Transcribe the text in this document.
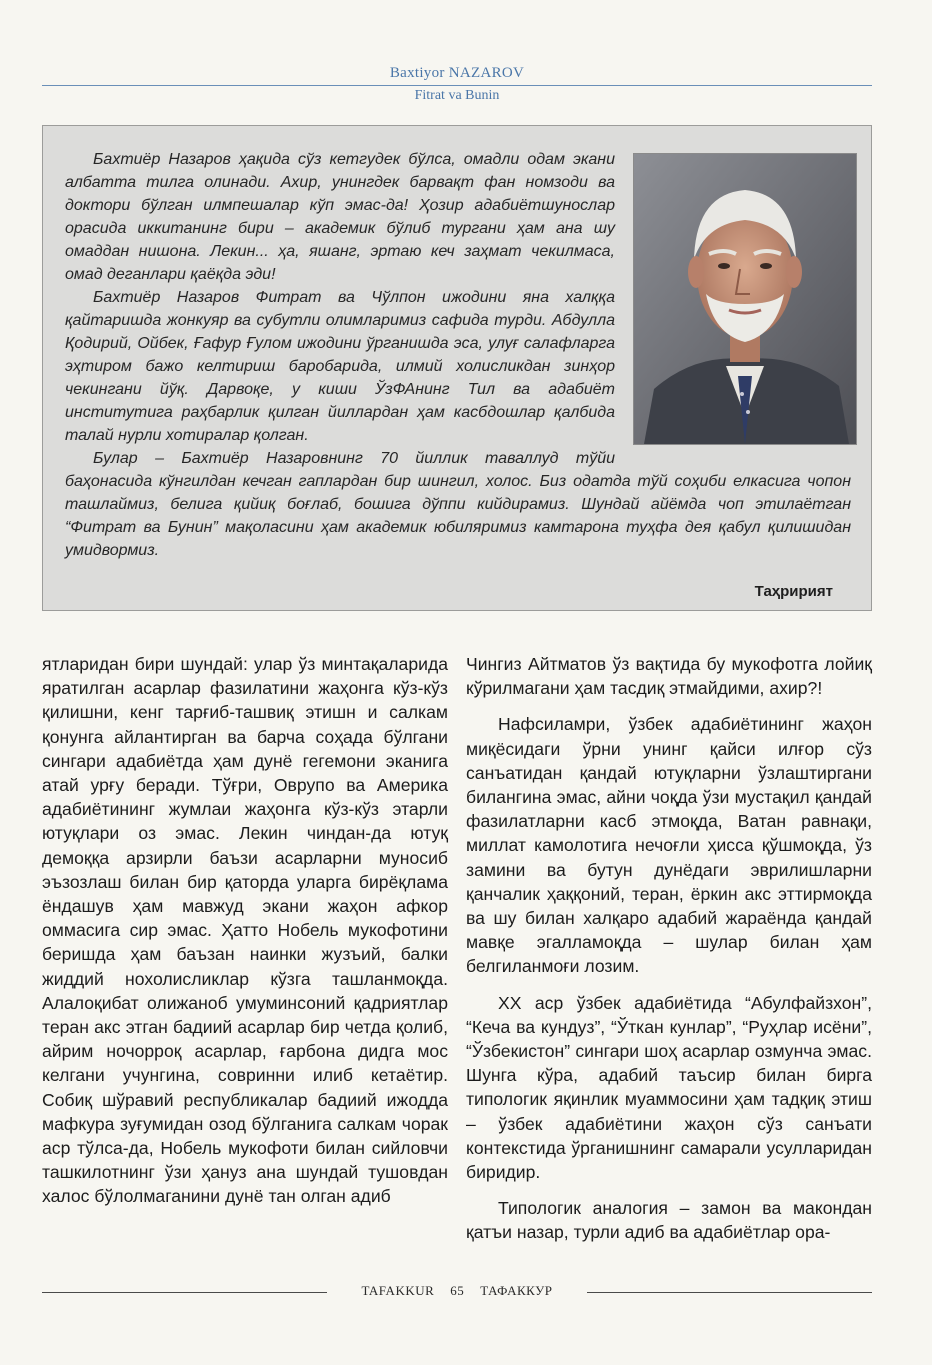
Baxtiyor NAZAROV
Fitrat va Bunin

Бахтиёр Назаров ҳақида сўз кетгудек бўлса, омадли одам экани албатта тилга олинади. Ахир, унингдек барвақт фан номзоди ва доктори бўлган илмпешалар кўп эмас-да! Ҳозир адабиётшунослар орасида иккитанинг бири – академик бўлиб тургани ҳам ана шу омаддан нишона. Лекин... ҳа, яшанг, эртаю кеч заҳмат чекилмаса, омад деганлари қаёқда эди!

Бахтиёр Назаров Фитрат ва Чўлпон ижодини яна халққа қайтаришда жонкуяр ва субутли олимларимиз сафида турди. Абдулла Қодирий, Ойбек, Ғафур Ғулом ижодини ўрганишда эса, улуғ салафларга эҳтиром бажо келтириш баробарида, илмий холисликдан зинҳор чекингани йўқ. Дарвоқе, у киши ЎзФАнинг Тил ва адабиёт институтига раҳбарлик қилган йиллардан ҳам касбдошлар қалбида талай нурли хотиралар қолган.

Булар – Бахтиёр Назаровнинг 70 йиллик таваллуд тўйи баҳонасида кўнгилдан кечган гаплардан бир шингил, холос. Биз одатда тўй соҳиби елкасига чопон ташлаймиз, белига қийиқ боғлаб, бошига дўппи кийдирамиз. Шундай айёмда чоп этилаётган “Фитрат ва Бунин” мақоласини ҳам академик юбиляримиз камтарона туҳфа дея қабул қилишидан умидвормиз.

Таҳририят

ятларидан бири шундай: улар ўз минтақаларида яратилган асарлар фазилатини жаҳонга кўз-кўз қилишни, кенг тарғиб-ташвиқ этишн и салкам қонунга айлантирган ва барча соҳада бўлгани сингари адабиётда ҳам дунё гегемони эканига атай урғу беради. Тўғри, Оврупо ва Америка адабиётининг жумлаи жаҳонга кўз-кўз этарли ютуқлари оз эмас. Лекин чиндан-да ютуқ демоққа арзирли баъзи асарларни муносиб эъзозлаш билан бир қаторда уларга бирёқлама ёндашув ҳам мавжуд экани жаҳон афкор оммасига сир эмас. Ҳатто Нобель мукофотини беришда ҳам баъзан наинки жузъий, балки жиддий нохолисликлар кўзга ташланмоқда. Алалоқибат олижаноб умуминсоний қадриятлар теран акс этган бадиий асарлар бир четда қолиб, айрим ночорроқ асарлар, ғарбона дидга мос келгани учунгина, совринни илиб кетаётир. Собиқ шўравий республикалар бадиий ижодда мафкура зуғумидан озод бўлганига салкам чорак аср тўлса-да, Нобель мукофоти билан сийловчи ташкилотнинг ўзи ҳануз ана шундай тушовдан халос бўлолмаганини дунё тан олган адиб

Чингиз Айтматов ўз вақтида бу мукофотга лойиқ кўрилмагани ҳам тасдиқ этмайдими, ахир?!

Нафсиламри, ўзбек адабиётининг жаҳон миқёсидаги ўрни унинг қайси илғор сўз санъатидан қандай ютуқларни ўзлаштиргани билангина эмас, айни чоқда ўзи мустақил қандай фазилатларни касб этмоқда, Ватан равнақи, миллат камолотига нечоғли ҳисса қўшмоқда, ўз замини ва бутун дунёдаги эврилишларни қанчалик ҳаққоний, теран, ёркин акс эттирмоқда ва шу билан халқаро адабий жараёнда қандай мавқе эгалламоқда – шулар билан ҳам белгиланмоғи лозим.

ХХ аср ўзбек адабиётида “Абулфайзхон”, “Кеча ва кундуз”, “Ўткан кунлар”, “Руҳлар исёни”, “Ўзбекистон” сингари шоҳ асарлар озмунча эмас. Шунга кўра, адабий таъсир билан бирга типологик яқинлик муаммосини ҳам тадқиқ этиш – ўзбек адабиётини жаҳон сўз санъати контекстида ўрганишнинг самарали усулларидан биридир.

Типологик аналогия – замон ва макондан қатъи назар, турли адиб ва адабиётлар ора-

TAFAKKUR 65 ТАФАККУР
